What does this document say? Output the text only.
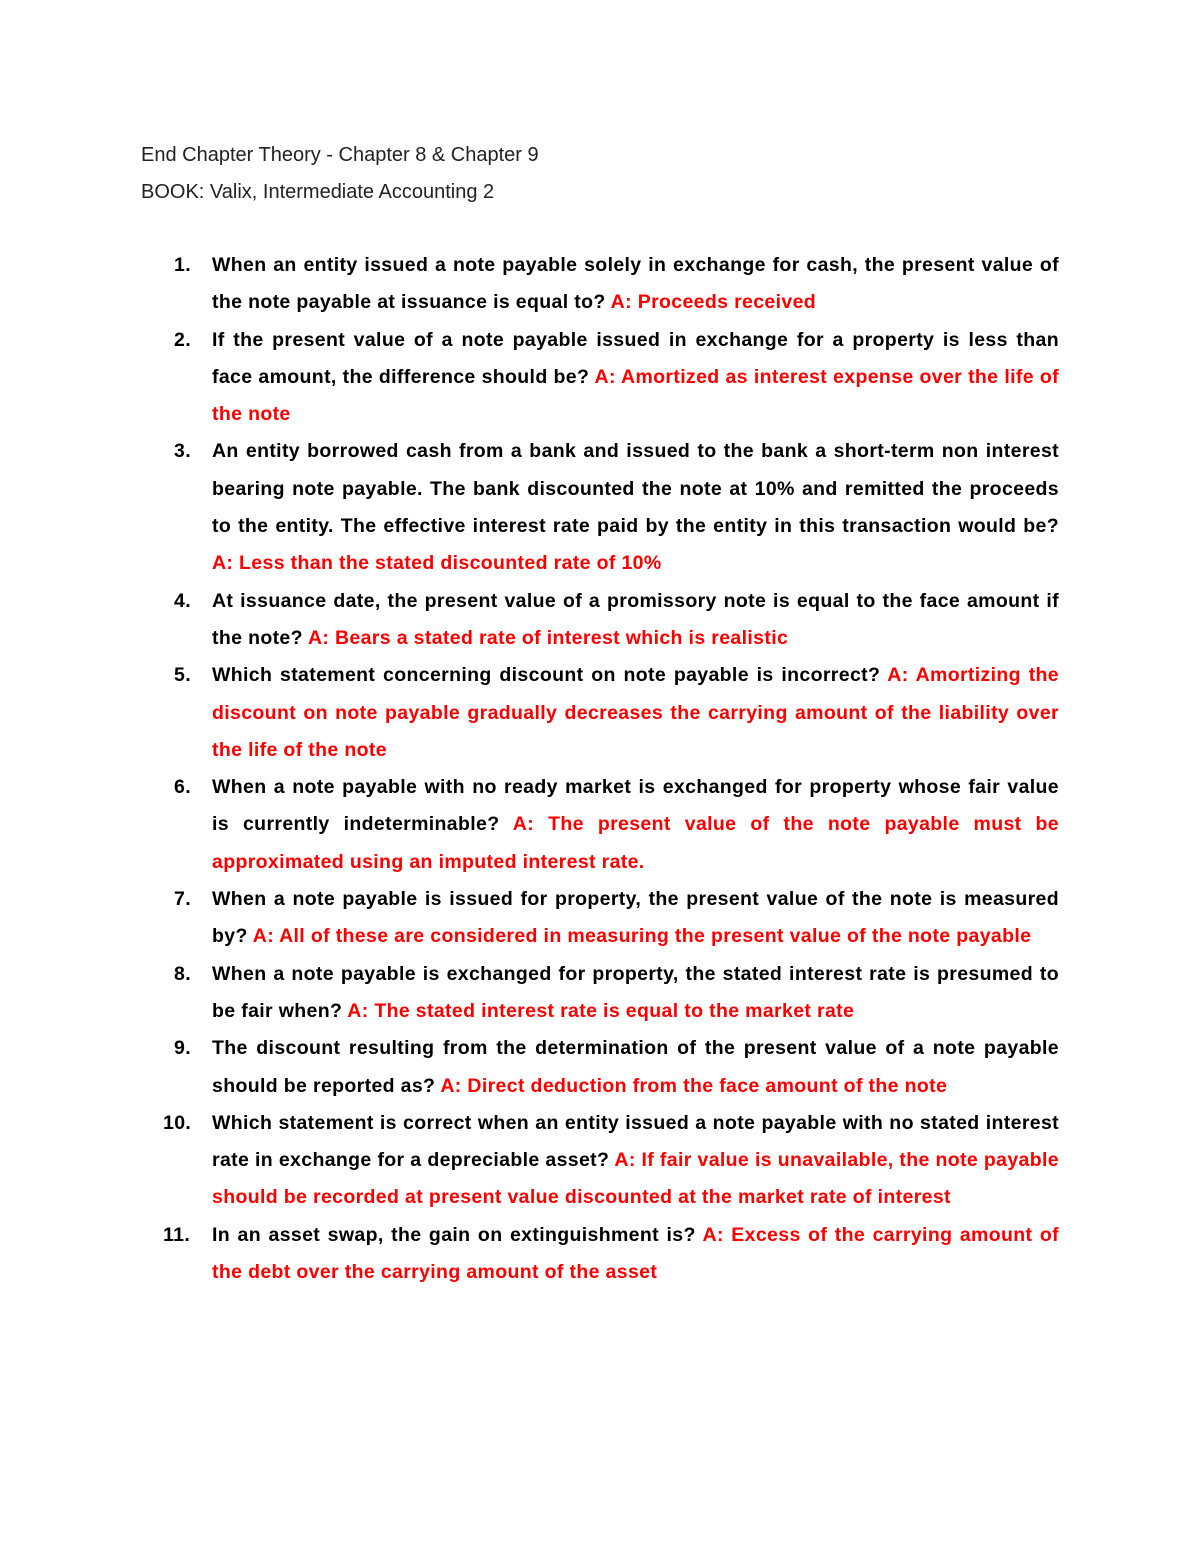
End Chapter Theory - Chapter 8 & Chapter 9

BOOK: Valix, Intermediate Accounting 2

1. When an entity issued a note payable solely in exchange for cash, the present value of the note payable at issuance is equal to? A: Proceeds received
2. If the present value of a note payable issued in exchange for a property is less than face amount, the difference should be? A: Amortized as interest expense over the life of the note
3. An entity borrowed cash from a bank and issued to the bank a short-term non interest bearing note payable. The bank discounted the note at 10% and remitted the proceeds to the entity. The effective interest rate paid by the entity in this transaction would be? A: Less than the stated discounted rate of 10%
4. At issuance date, the present value of a promissory note is equal to the face amount if the note? A: Bears a stated rate of interest which is realistic
5. Which statement concerning discount on note payable is incorrect? A: Amortizing the discount on note payable gradually decreases the carrying amount of the liability over the life of the note
6. When a note payable with no ready market is exchanged for property whose fair value is currently indeterminable? A: The present value of the note payable must be approximated using an imputed interest rate.
7. When a note payable is issued for property, the present value of the note is measured by? A: All of these are considered in measuring the present value of the note payable
8. When a note payable is exchanged for property, the stated interest rate is presumed to be fair when? A: The stated interest rate is equal to the market rate
9. The discount resulting from the determination of the present value of a note payable should be reported as? A: Direct deduction from the face amount of the note
10. Which statement is correct when an entity issued a note payable with no stated interest rate in exchange for a depreciable asset? A: If fair value is unavailable, the note payable should be recorded at present value discounted at the market rate of interest
11. In an asset swap, the gain on extinguishment is? A: Excess of the carrying amount of the debt over the carrying amount of the asset
